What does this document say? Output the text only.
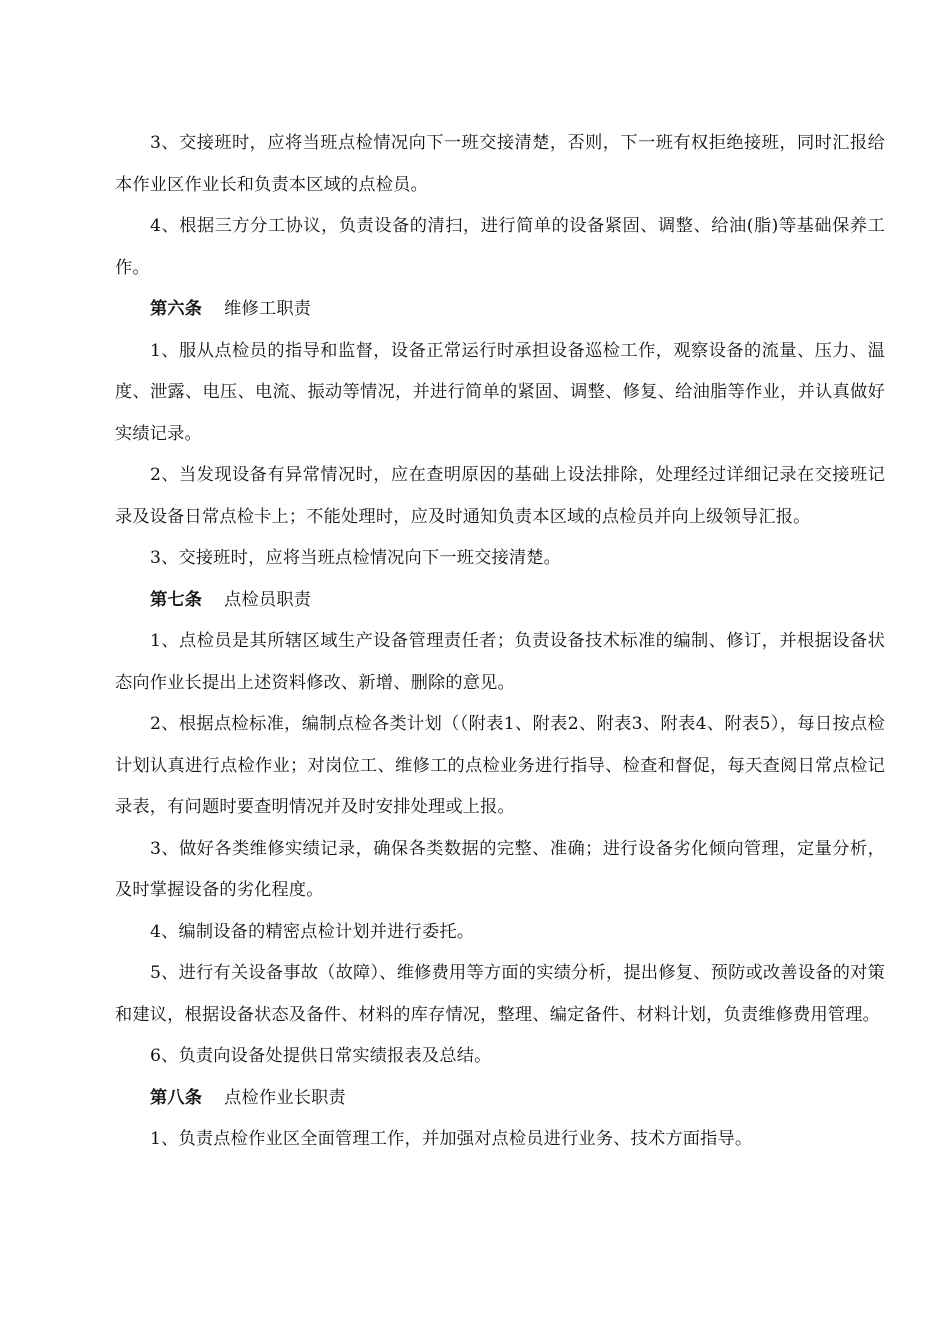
3、交接班时，应将当班点检情况向下一班交接清楚，否则，下一班有权拒绝接班，同时汇报给本作业区作业长和负责本区域的点检员。

4、根据三方分工协议，负责设备的清扫，进行简单的设备紧固、调整、给油(脂)等基础保养工作。

第六条 维修工职责

1、服从点检员的指导和监督，设备正常运行时承担设备巡检工作，观察设备的流量、压力、温度、泄露、电压、电流、振动等情况，并进行简单的紧固、调整、修复、给油脂等作业，并认真做好实绩记录。

2、当发现设备有异常情况时，应在查明原因的基础上设法排除，处理经过详细记录在交接班记录及设备日常点检卡上；不能处理时，应及时通知负责本区域的点检员并向上级领导汇报。

3、交接班时，应将当班点检情况向下一班交接清楚。

第七条 点检员职责

1、点检员是其所辖区域生产设备管理责任者；负责设备技术标准的编制、修订，并根据设备状态向作业长提出上述资料修改、新增、删除的意见。

2、根据点检标准，编制点检各类计划（（附表1、附表2、附表3、附表4、附表5），每日按点检计划认真进行点检作业；对岗位工、维修工的点检业务进行指导、检查和督促，每天查阅日常点检记录表，有问题时要查明情况并及时安排处理或上报。

3、做好各类维修实绩记录，确保各类数据的完整、准确；进行设备劣化倾向管理，定量分析，及时掌握设备的劣化程度。

4、编制设备的精密点检计划并进行委托。

5、进行有关设备事故（故障）、维修费用等方面的实绩分析，提出修复、预防或改善设备的对策和建议，根据设备状态及备件、材料的库存情况，整理、编定备件、材料计划，负责维修费用管理。

6、负责向设备处提供日常实绩报表及总结。

第八条 点检作业长职责

1、负责点检作业区全面管理工作，并加强对点检员进行业务、技术方面指导。
